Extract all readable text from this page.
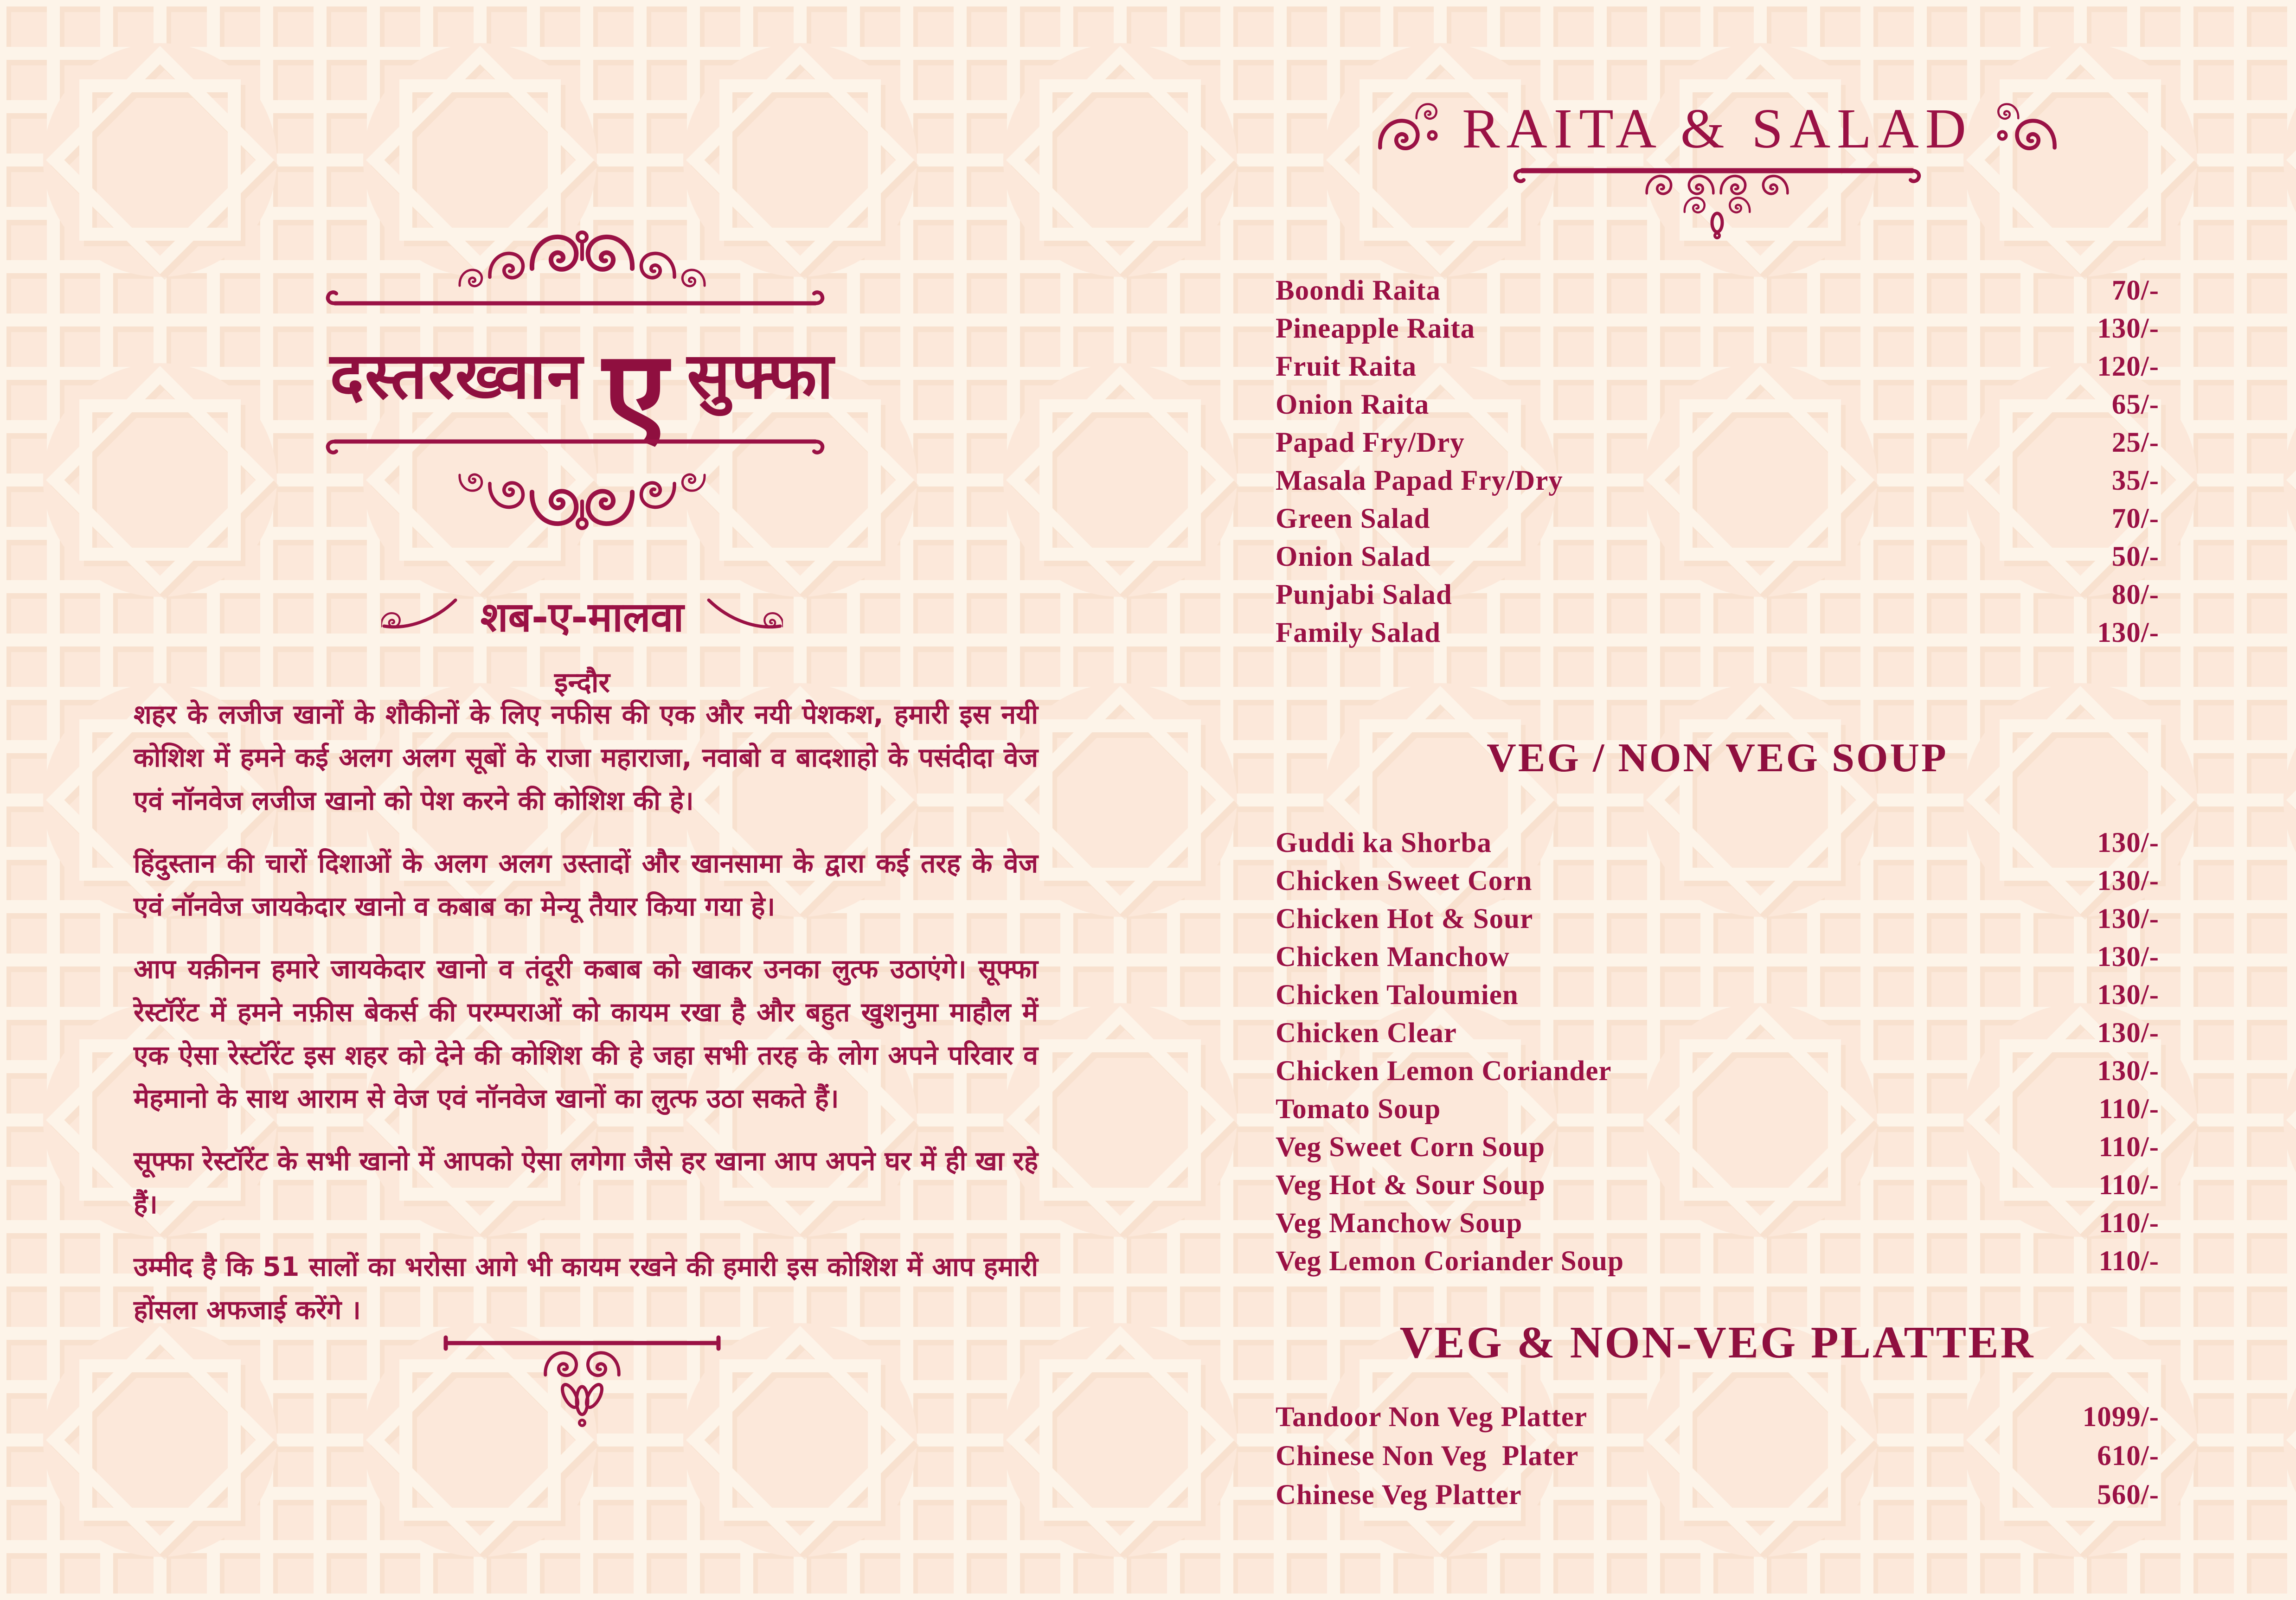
दस्तरख्वान ए सुफ्फा
शब-ए-मालवा
इन्दौर

शहर के लजीज खानों के शौकीनों के लिए नफीस की एक और नयी पेशकश, हमारी इस नयी कोशिश में हमने कई अलग अलग सूबों के राजा महाराजा, नवाबो व बादशाहो के पसंदीदा वेज एवं नॉनवेज लजीज खानो को पेश करने की कोशिश की हे।

हिंदुस्तान की चारों दिशाओं के अलग अलग उस्तादों और खानसामा के द्वारा कई तरह के वेज एवं नॉनवेज जायकेदार खानो व कबाब का मेन्यू तैयार किया गया हे।

आप यक़ीनन हमारे जायकेदार खानो व तंदूरी कबाब को खाकर उनका लुत्फ उठाएंगे। सूफ्फा रेस्टॉरेंट में हमने नफ़ीस बेकर्स की परम्पराओं को कायम रखा है और बहुत खुशनुमा माहौल में एक ऐसा रेस्टॉरेंट इस शहर को देने की कोशिश की हे जहा सभी तरह के लोग अपने परिवार व मेहमानो के साथ आराम से वेज एवं नॉनवेज खानों का लुत्फ उठा सकते हैं।

सूफ्फा रेस्टॉरेंट के सभी खानो में आपको ऐसा लगेगा जैसे हर खाना आप अपने घर में ही खा रहे हैं।

उम्मीद है कि 51 सालों का भरोसा आगे भी कायम रखने की हमारी इस कोशिश में आप हमारी होंसला अफजाई करेंगे ।

RAITA & SALAD
Boondi Raita	70/-
Pineapple Raita	130/-
Fruit Raita	120/-
Onion Raita	65/-
Papad Fry/Dry	25/-
Masala Papad Fry/Dry	35/-
Green Salad	70/-
Onion Salad	50/-
Punjabi Salad	80/-
Family Salad	130/-
VEG / NON VEG SOUP
Guddi ka Shorba	130/-
Chicken Sweet Corn	130/-
Chicken Hot & Sour	130/-
Chicken Manchow	130/-
Chicken Taloumien	130/-
Chicken Clear	130/-
Chicken Lemon Coriander	130/-
Tomato Soup	110/-
Veg Sweet Corn Soup	110/-
Veg Hot & Sour Soup	110/-
Veg Manchow Soup	110/-
Veg Lemon Coriander Soup	110/-
VEG & NON-VEG PLATTER
Tandoor Non Veg Platter	1099/-
Chinese Non Veg  Plater	610/-
Chinese Veg Platter	560/-
